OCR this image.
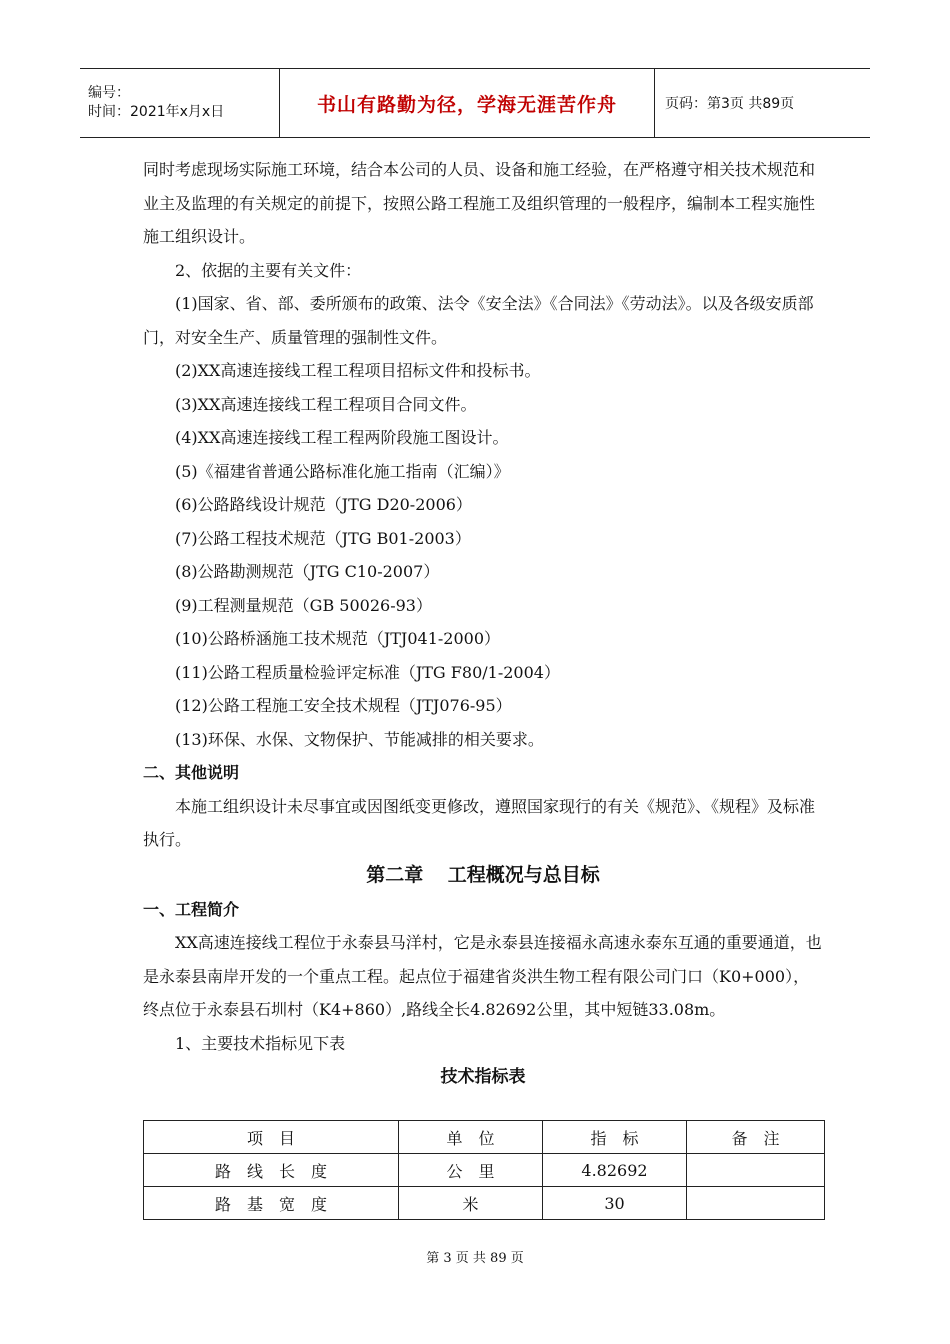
编号：
时间：2021年x月x日	书山有路勤为径，学海无涯苦作舟	页码：第3页 共89页

同时考虑现场实际施工环境，结合本公司的人员、设备和施工经验，在严格遵守相关技术规范和业主及监理的有关规定的前提下，按照公路工程施工及组织管理的一般程序，编制本工程实施性施工组织设计。

2、依据的主要有关文件：

(1)国家、省、部、委所颁布的政策、法令《安全法》《合同法》《劳动法》。以及各级安质部门，对安全生产、质量管理的强制性文件。

(2)XX高速连接线工程工程项目招标文件和投标书。

(3)XX高速连接线工程工程项目合同文件。

(4)XX高速连接线工程工程两阶段施工图设计。

(5)《福建省普通公路标准化施工指南（汇编）》

(6)公路路线设计规范（JTG D20-2006）

(7)公路工程技术规范（JTG B01-2003）

(8)公路勘测规范（JTG C10-2007）

(9)工程测量规范（GB 50026-93）

(10)公路桥涵施工技术规范（JTJ041-2000）

(11)公路工程质量检验评定标准（JTG F80/1-2004）

(12)公路工程施工安全技术规程（JTJ076-95）

(13)环保、水保、文物保护、节能减排的相关要求。

二、其他说明

本施工组织设计未尽事宜或因图纸变更修改，遵照国家现行的有关《规范》、《规程》及标准执行。

第二章 工程概况与总目标

一、工程简介

XX高速连接线工程位于永泰县马洋村，它是永泰县连接福永高速永泰东互通的重要通道，也是永泰县南岸开发的一个重点工程。起点位于福建省炎洪生物工程有限公司门口（K0+000），终点位于永泰县石圳村（K4+860）,路线全长4.82692公里，其中短链33.08m。

1、主要技术指标见下表

技术指标表

项　目	单　位	指　标	备　注
路　线　长　度	公　里	4.82692	
路　基　宽　度	米	30	
第 3 页 共 89 页
